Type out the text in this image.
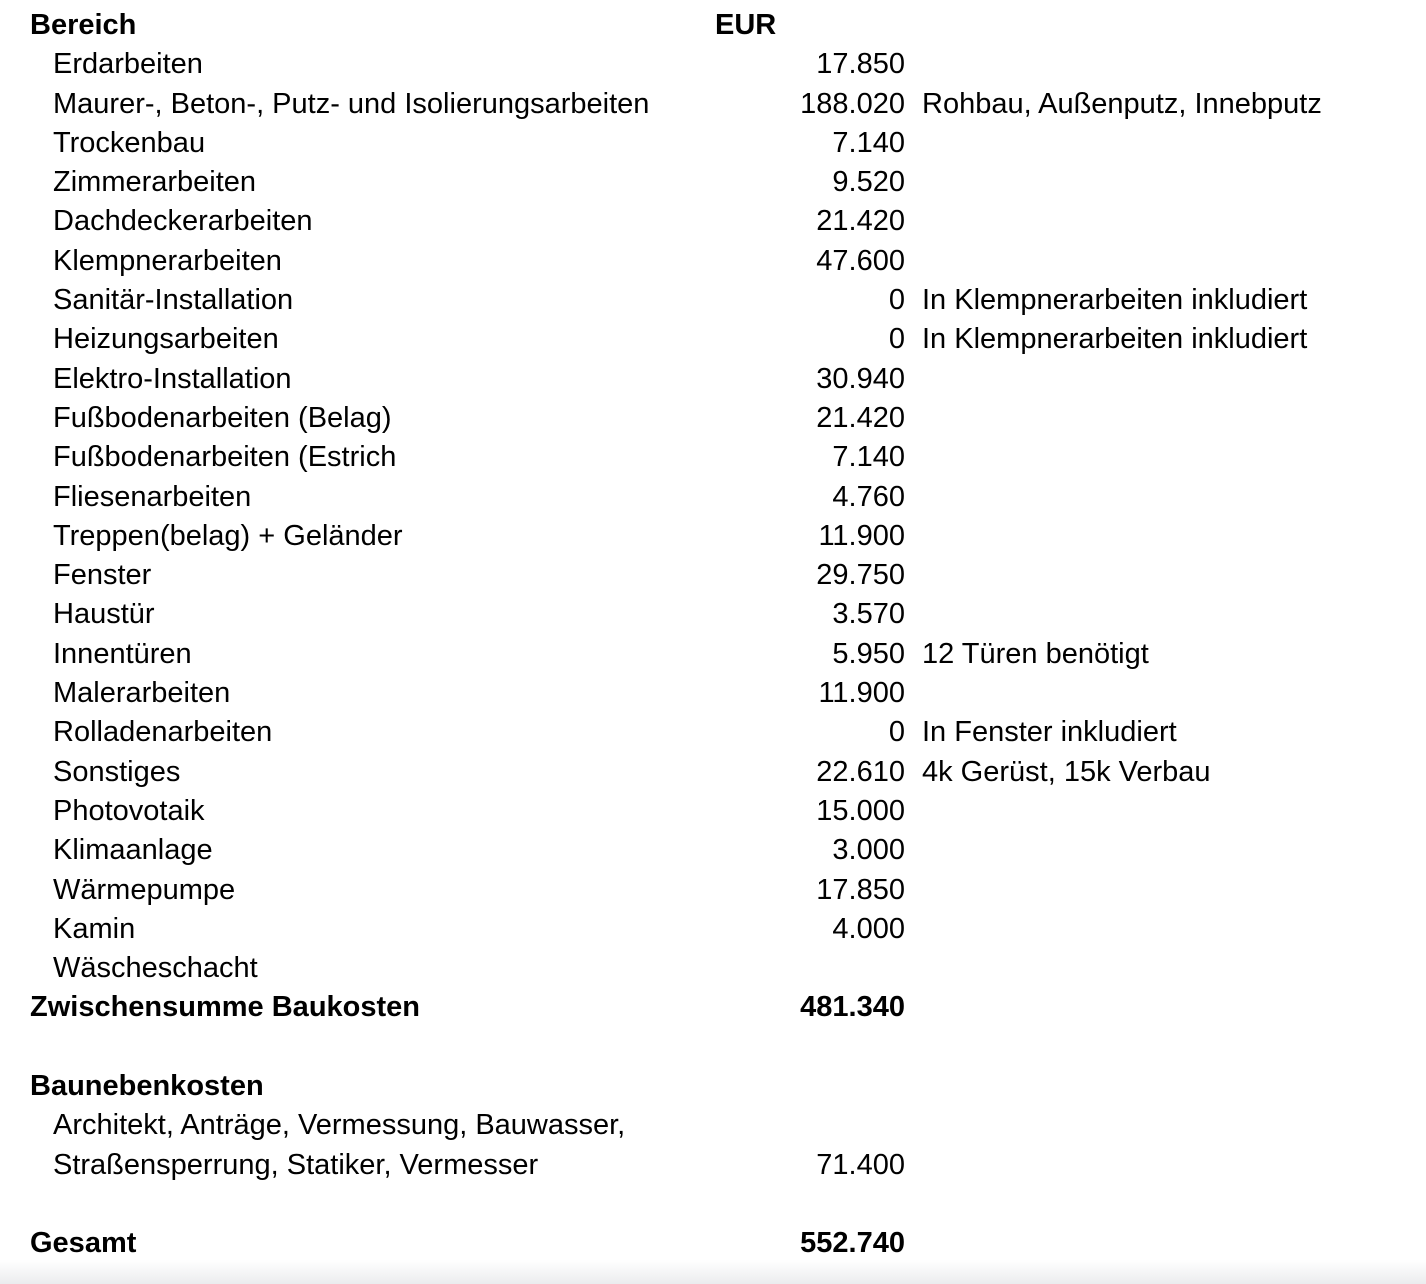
Bereich	EUR
Erdarbeiten	17.850
Maurer-, Beton-, Putz- und Isolierungsarbeiten	188.020 Rohbau, Außenputz, Innebputz
Trockenbau	7.140
Zimmerarbeiten	9.520
Dachdeckerarbeiten	21.420
Klempnerarbeiten	47.600
Sanitär-Installation	0 In Klempnerarbeiten inkludiert
Heizungsarbeiten	0 In Klempnerarbeiten inkludiert
Elektro-Installation	30.940
Fußbodenarbeiten (Belag)	21.420
Fußbodenarbeiten (Estrich	7.140
Fliesenarbeiten	4.760
Treppen(belag) + Geländer	11.900
Fenster	29.750
Haustür	3.570
Innentüren	5.950 12 Türen benötigt
Malerarbeiten	11.900
Rolladenarbeiten	0 In Fenster inkludiert
Sonstiges	22.610 4k Gerüst, 15k Verbau
Photovotaik	15.000
Klimaanlage	3.000
Wärmepumpe	17.850
Kamin	4.000
Wäscheschacht
Zwischensumme Baukosten	481.340
Baunebenkosten
Architekt, Anträge, Vermessung, Bauwasser,
Straßensperrung, Statiker, Vermesser	71.400
Gesamt	552.740
